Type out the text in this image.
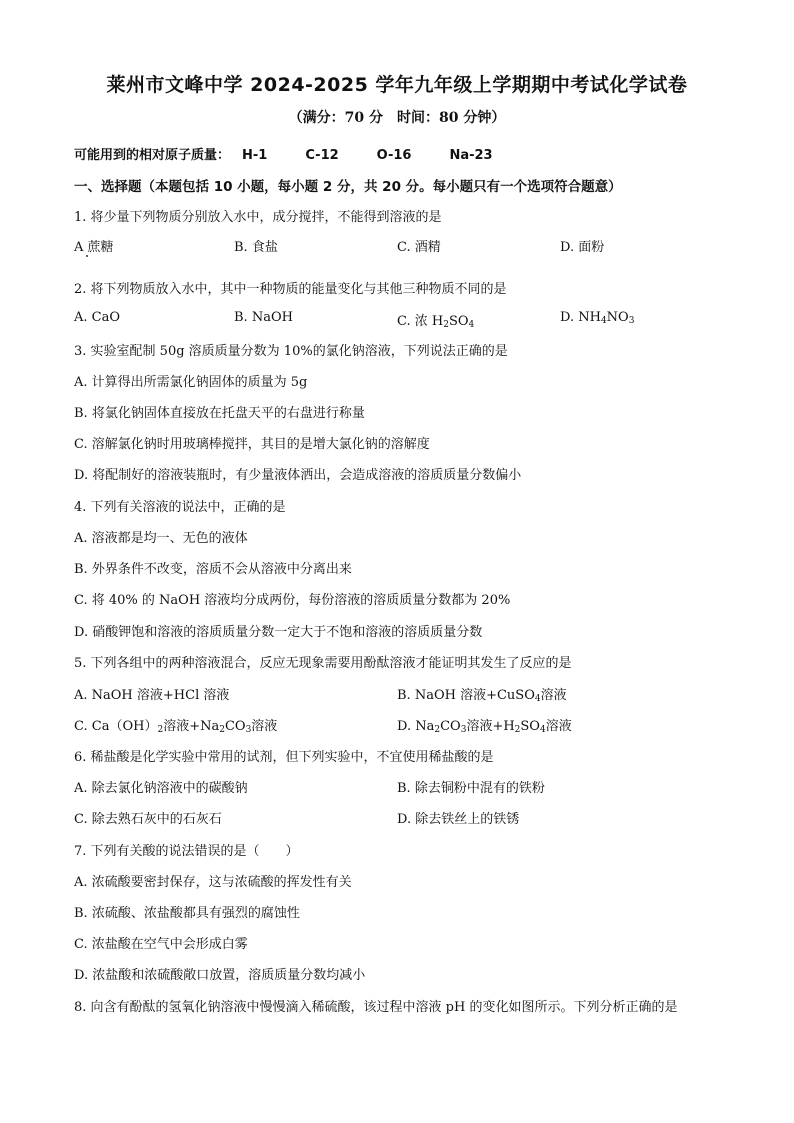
莱州市文峰中学 2024-2025 学年九年级上学期期中考试化学试卷

（满分：70 分　时间：80 分钟）

可能用到的相对原子质量： H-1	C-12	O-16	Na-23

一、选择题（本题包括 10 小题，每小题 2 分，共 20 分。每小题只有一个选项符合题意）

1. 将少量下列物质分别放入水中，成分搅拌，不能得到溶液的是

A 蔗糖	B. 食盐	C. 酒精	D. 面粉

2. 将下列物质放入水中，其中一种物质的能量变化与其他三种物质不同的是

A. CaO	B. NaOH	C. 浓 $H_2SO_4$	D. $NH_4NO_3$

3. 实验室配制 50g 溶质质量分数为 10%的氯化钠溶液，下列说法正确的是

A. 计算得出所需氯化钠固体的质量为 5g

B. 将氯化钠固体直接放在托盘天平的右盘进行称量

C. 溶解氯化钠时用玻璃棒搅拌，其目的是增大氯化钠的溶解度

D. 将配制好的溶液装瓶时，有少量液体洒出，会造成溶液的溶质质量分数偏小

4. 下列有关溶液的说法中，正确的是

A. 溶液都是均一、无色的液体

B. 外界条件不改变，溶质不会从溶液中分离出来

C. 将 40% 的 NaOH 溶液均分成两份，每份溶液的溶质质量分数都为 20%

D. 硝酸钾饱和溶液的溶质质量分数一定大于不饱和溶液的溶质质量分数

5. 下列各组中的两种溶液混合，反应无现象需要用酚酞溶液才能证明其发生了反应的是

A. NaOH 溶液+HCl 溶液	B. NaOH 溶液+CuSO$_4$溶液
C. $Ca(OH)_2$溶液$+Na_2CO_3$溶液	D. $Na_2CO_3$溶液$+H_2SO_4$溶液

6. 稀盐酸是化学实验中常用的试剂，但下列实验中，不宜使用稀盐酸的是

A. 除去氯化钠溶液中的碳酸钠	B. 除去铜粉中混有的铁粉
C. 除去熟石灰中的石灰石	D. 除去铁丝上的铁锈

7. 下列有关酸的说法错误的是（　　）

A. 浓硫酸要密封保存，这与浓硫酸的挥发性有关

B. 浓硫酸、浓盐酸都具有强烈的腐蚀性

C. 浓盐酸在空气中会形成白雾

D. 浓盐酸和浓硫酸敞口放置，溶质质量分数均减小

8. 向含有酚酞的氢氧化钠溶液中慢慢滴入稀硫酸，该过程中溶液 pH 的变化如图所示。下列分析正确的是
